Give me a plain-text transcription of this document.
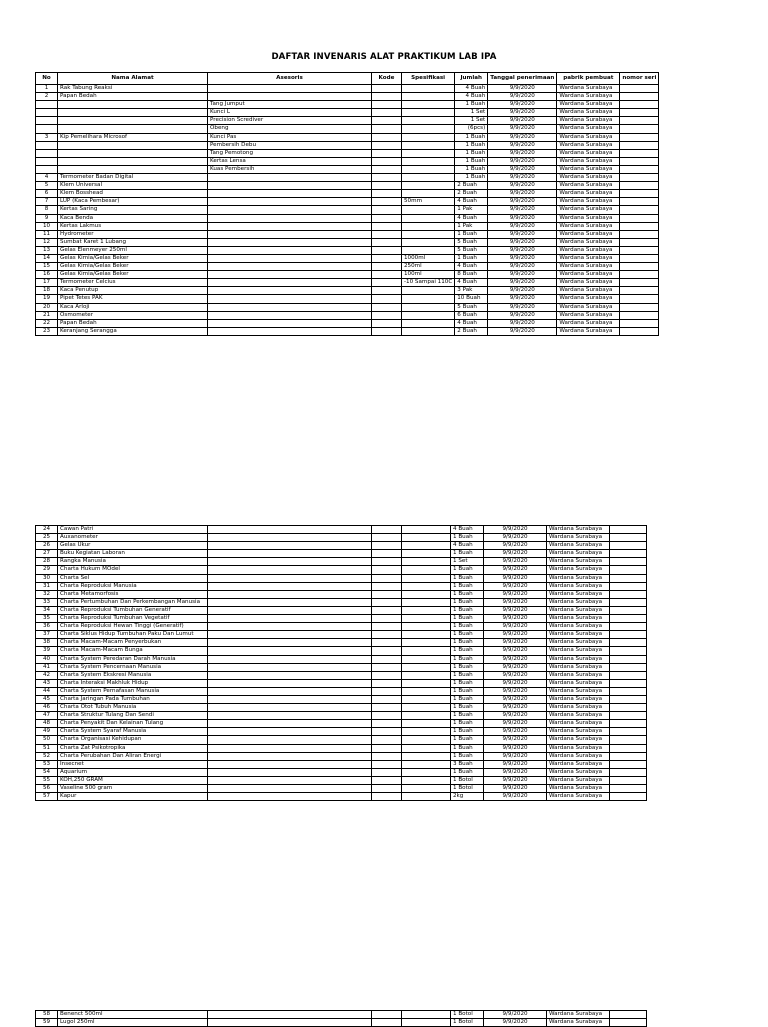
DAFTAR INVENARIS ALAT PRAKTIKUM LAB IPA
No	Nama Alamat	Asesoris	Kode	Spesifikasi	Jumlah	Tanggal penerimaan	pabrik pembuat	nomor seri
1	Rak Tabung Reaksi				4 Buah	9/9/2020	Wardana Surabaya	
2	Papan Bedah				4 Buah	9/9/2020	Wardana Surabaya	
		Tang Jumput			1 Buah	9/9/2020	Wardana Surabaya	
		Kunci L			1 Set	9/9/2020	Wardana Surabaya	
		Precision Scrediver			1 Set	9/9/2020	Wardana Surabaya	
		Obeng			(6pcs)	9/9/2020	Wardana Surabaya	
3	Kip Pemelihara Microsof	Kunci Pas			1 Buah	9/9/2020	Wardana Surabaya	
		Pembersih Debu			1 Buah	9/9/2020	Wardana Surabaya	
		Tang Pemotong			1 Buah	9/9/2020	Wardana Surabaya	
		Kertas Lensa			1 Buah	9/9/2020	Wardana Surabaya	
		Kuas Pembersih			1 Buah	9/9/2020	Wardana Surabaya	
4	Termometer Badan Digital				1 Buah	9/9/2020	Wardana Surabaya	
5	Klem Universal				2 Buah	9/9/2020	Wardana Surabaya	
6	Klem Bosshead				2 Buah	9/9/2020	Wardana Surabaya	
7	LUP (Kaca Pembesar)			50mm	4 Buah	9/9/2020	Wardana Surabaya	
8	Kertas Saring				1 Pak	9/9/2020	Wardana Surabaya	
9	Kaca Benda				4 Buah	9/9/2020	Wardana Surabaya	
10	Kertas Lakmus				1 Pak	9/9/2020	Wardana Surabaya	
11	Hydrometer				1 Buah	9/9/2020	Wardana Surabaya	
12	Sumbat Karet 1 Lubang				5 Buah	9/9/2020	Wardana Surabaya	
13	Gelas Elenmeyer 250ml				5 Buah	9/9/2020	Wardana Surabaya	
14	Gelas Kimia/Gelas Beker			1000ml	1 Buah	9/9/2020	Wardana Surabaya	
15	Gelas Kimia/Gelas Beker			250ml	4 Buah	9/9/2020	Wardana Surabaya	
16	Gelas Kimia/Gelas Beker			100ml	8 Buah	9/9/2020	Wardana Surabaya	
17	Termometer Celcius			-10 Sampai 110C	4 Buah	9/9/2020	Wardana Surabaya	
18	Kaca Penutup				3 Pak	9/9/2020	Wardana Surabaya	
19	Pipet Tetes PAK				10 Buah	9/9/2020	Wardana Surabaya	
20	Kaca Arloji				5 Buah	9/9/2020	Wardana Surabaya	
21	Osmometer				6 Buah	9/9/2020	Wardana Surabaya	
22	Papan Bedah				4 Buah	9/9/2020	Wardana Surabaya	
23	Keranjang Serangga				2 Buah	9/9/2020	Wardana Surabaya	
24	Cawan Patri				4 Buah	9/9/2020	Wardana Surabaya	
25	Auxanometer				1 Buah	9/9/2020	Wardana Surabaya	
26	Gelas Ukur				4 Buah	9/9/2020	Wardana Surabaya	
27	Buku Kegiatan Laboran				1 Buah	9/9/2020	Wardana Surabaya	
28	Rangka Manusia				1 Set	9/9/2020	Wardana Surabaya	
29	Charta Hukum MOdel				1 Buah	9/9/2020	Wardana Surabaya	
30	Charta Sel				1 Buah	9/9/2020	Wardana Surabaya	
31	Charta Reproduksi Manusia				1 Buah	9/9/2020	Wardana Surabaya	
32	Charta Metamorfosis				1 Buah	9/9/2020	Wardana Surabaya	
33	Charta Pertumbuhan Dan Perkembangan Manusia				1 Buah	9/9/2020	Wardana Surabaya	
34	Charta Reproduksi Tumbuhan Generatif				1 Buah	9/9/2020	Wardana Surabaya	
35	Charta Reproduksi Tumbuhan Vegetatif				1 Buah	9/9/2020	Wardana Surabaya	
36	Charta Reproduksi Hewan Tinggi (Generatif)				1 Buah	9/9/2020	Wardana Surabaya	
37	Charta Siklus Hidup Tumbuhan Paku Dan Lumut				1 Buah	9/9/2020	Wardana Surabaya	
38	Charta Macam-Macam Penyerbukan				1 Buah	9/9/2020	Wardana Surabaya	
39	Charta Macam-Macam Bunga				1 Buah	9/9/2020	Wardana Surabaya	
40	Charta System Peredaran Darah Manusia				1 Buah	9/9/2020	Wardana Surabaya	
41	Charta System Pencernaan Manusia				1 Buah	9/9/2020	Wardana Surabaya	
42	Charta System Ekskresi Manusia				1 Buah	9/9/2020	Wardana Surabaya	
43	Charta Interaksi Makhluk Hidup				1 Buah	9/9/2020	Wardana Surabaya	
44	Charta System Pernafasan Manusia				1 Buah	9/9/2020	Wardana Surabaya	
45	Charta Jaringan Pada Tumbuhan				1 Buah	9/9/2020	Wardana Surabaya	
46	Charta Otot Tubuh Manusia				1 Buah	9/9/2020	Wardana Surabaya	
47	Charta Struktur Tulang Dan Sendi				1 Buah	9/9/2020	Wardana Surabaya	
48	Charta Penyakit Dan Kelainan Tulang				1 Buah	9/9/2020	Wardana Surabaya	
49	Charta System Syaraf Manusia				1 Buah	9/9/2020	Wardana Surabaya	
50	Charta Organisasi Kehidupan				1 Buah	9/9/2020	Wardana Surabaya	
51	Charta Zat Psikotropika				1 Buah	9/9/2020	Wardana Surabaya	
52	Charta Perubahan Dan Aliran Energi				1 Buah	9/9/2020	Wardana Surabaya	
53	Insecnet				3 Buah	9/9/2020	Wardana Surabaya	
54	Aquarium				1 Buah	9/9/2020	Wardana Surabaya	
55	KOH,250 GRAM				1 Botol	9/9/2020	Wardana Surabaya	
56	Vaseline 500 gram				1 Botol	9/9/2020	Wardana Surabaya	
57	Kapur				2kg	9/9/2020	Wardana Surabaya	
58	Benenct 500ml				1 Botol	9/9/2020	Wardana Surabaya	
59	Lugol 250ml				1 Botol	9/9/2020	Wardana Surabaya	
